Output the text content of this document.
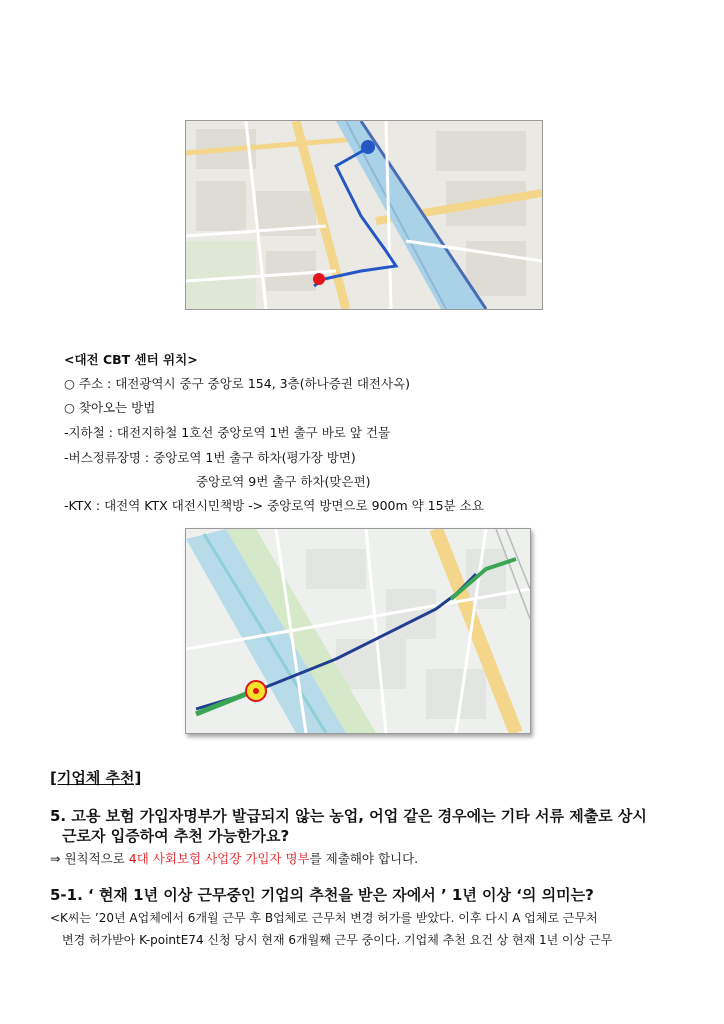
<대전 CBT 센터 위치>
○ 주소 : 대전광역시 중구 중앙로 154, 3층(하나증권 대전사옥)
○ 찾아오는 방법
-지하철 : 대전지하철 1호선 중앙로역 1번 출구 바로 앞 건물
-버스정류장명 : 중앙로역 1번 출구 하차(평가장 방면)
중앙로역 9번 출구 하차(맞은편)
-KTX : 대전역 KTX 대전시민책방 -> 중앙로역 방면으로 900m 약 15분 소요
[기업체 추천]
5. 고용 보험 가입자명부가 발급되지 않는 농업, 어업 같은 경우에는 기타 서류 제출로 상시
근로자 입증하여 추천 가능한가요?
⇒ 원칙적으로 4대 사회보험 사업장 가입자 명부를 제출해야 합니다.
5-1. ‘ 현재 1년 이상 근무중인 기업의 추천을 받은 자에서 ’ 1년 이상 ‘의 의미는?
<K씨는 ’20년 A업체에서 6개월 근무 후 B업체로 근무처 변경 허가를 받았다. 이후 다시 A 업체로 근무처
변경 허가받아 K-pointE74 신청 당시 현재 6개월째 근무 중이다. 기업체 추천 요건 상 현재 1년 이상 근무
